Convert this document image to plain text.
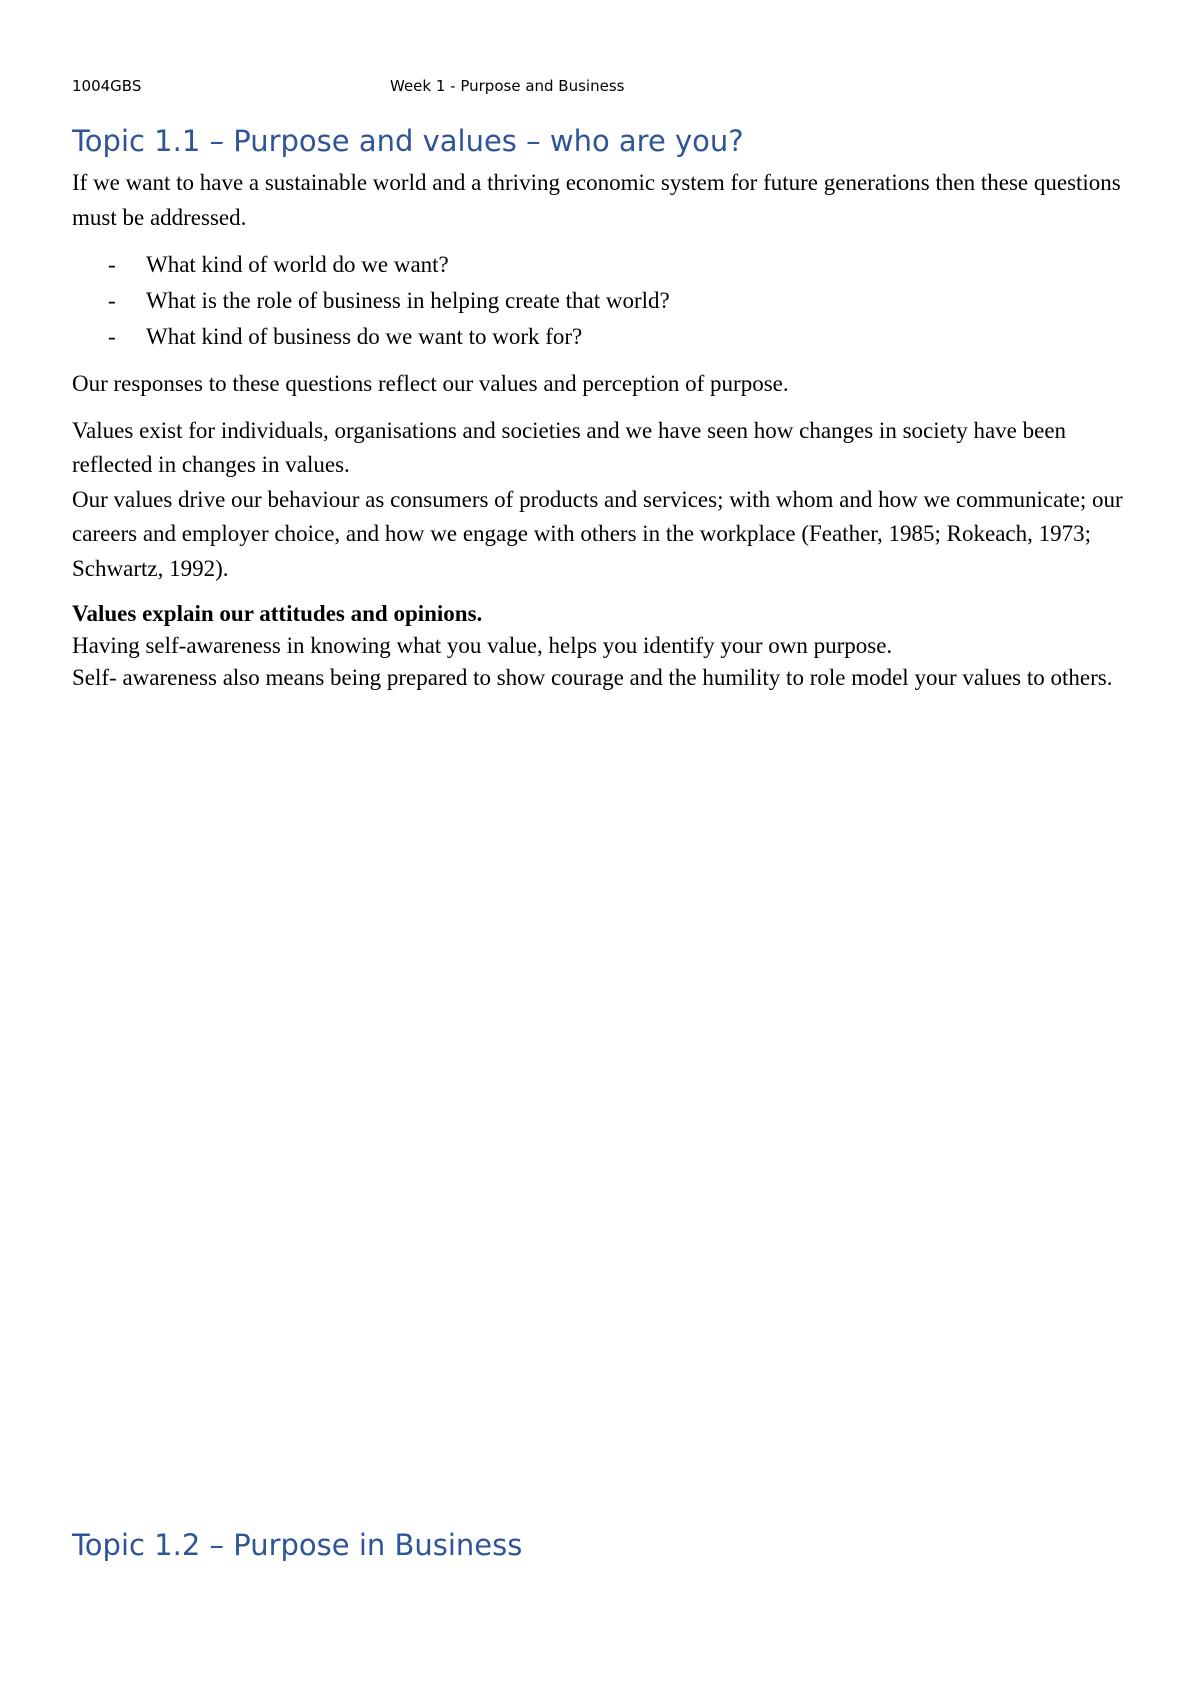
1004GBS	Week 1 - Purpose and Business
Topic 1.1 – Purpose and values – who are you?

If we want to have a sustainable world and a thriving economic system for future generations then these questions must be addressed.

- What kind of world do we want?
- What is the role of business in helping create that world?
- What kind of business do we want to work for?

Our responses to these questions reflect our values and perception of purpose.

Values exist for individuals, organisations and societies and we have seen how changes in society have been reflected in changes in values.

Our values drive our behaviour as consumers of products and services; with whom and how we communicate; our careers and employer choice, and how we engage with others in the workplace (Feather, 1985; Rokeach, 1973; Schwartz, 1992).

Values explain our attitudes and opinions.

Having self-awareness in knowing what you value, helps you identify your own purpose.

Self- awareness also means being prepared to show courage and the humility to role model your values to others.

Topic 1.2 – Purpose in Business
